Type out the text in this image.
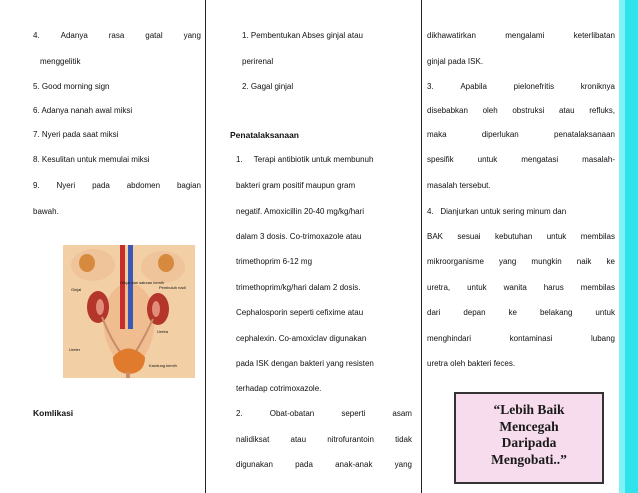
4.	Adanya	rasa	gatal	yang
menggelitik
5. Good morning sign
6. Adanya nanah awal miksi
7. Nyeri pada saat miksi
8. Kesulitan untuk memulai miksi
9. Nyeri pada abdomen bagian
bawah.
Ginjal dan saluran kemih
Ginjal	Pembuluh nadi
Ureter
Kandung kemih
Uretra
Komlikasi
1. Pembentukan Abses ginjal atau
perirenal
2. Gagal ginjal
Penatalaksanaan
1. Terapi antibiotik untuk membunuh
bakteri gram positif maupun gram
negatif. Amoxicillin 20-40 mg/kg/hari
dalam 3 dosis. Co-trimoxazole atau
trimethoprim 6-12 mg
trimethoprim/kg/hari dalam 2 dosis.
Cephalosporin seperti cefixime atau
cephalexin. Co-amoxiclav digunakan
pada ISK dengan bakteri yang resisten
terhadap cotrimoxazole.
2.	Obat-obatan	seperti	asam
nalidiksat	atau	nitrofurantoin	tidak
digunakan	pada	anak-anak	yang
dikhawatirkan	mengalami	keterlibatan
ginjal pada ISK.
3.	Apabila	pielonefritis	kroniknya
disebabkan oleh obstruksi atau refluks,
maka	diperlukan	penatalaksanaan
spesifik	untuk	mengatasi	masalah-
masalah tersebut.
4. Dianjurkan untuk sering minum dan
BAK sesuai kebutuhan untuk membilas
mikroorganisme yang mungkin naik ke
uretra, untuk wanita harus membilas
dari	depan	ke	belakang	untuk
menghindari	kontaminasi	lubang
uretra oleh bakteri feces.
“Lebih Baik
Mencegah
Daripada
Mengobati..”
